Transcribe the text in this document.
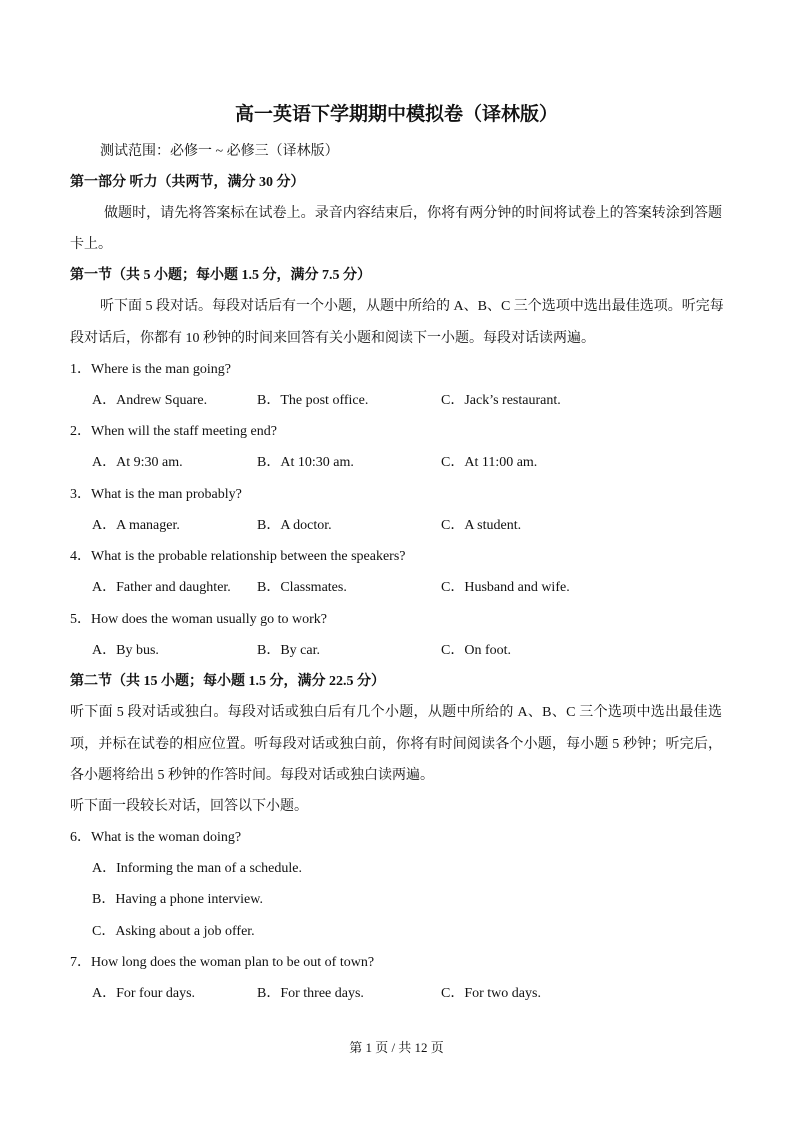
高一英语下学期期中模拟卷（译林版）
测试范围：必修一 ~ 必修三（译林版）
第一部分 听力（共两节，满分 30 分）
做题时，请先将答案标在试卷上。录音内容结束后，你将有两分钟的时间将试卷上的答案转涂到答题
卡上。
第一节（共 5 小题；每小题 1.5 分，满分 7.5 分）
听下面 5 段对话。每段对话后有一个小题，从题中所给的 A、B、C 三个选项中选出最佳选项。听完每
段对话后，你都有 10 秒钟的时间来回答有关小题和阅读下一小题。每段对话读两遍。
1．Where is the man going?
A．Andrew Square.	B．The post office.	C．Jack’s restaurant.
2．When will the staff meeting end?
A．At 9:30 am.	B．At 10:30 am.	C．At 11:00 am.
3．What is the man probably?
A．A manager.	B．A doctor.	C．A student.
4．What is the probable relationship between the speakers?
A．Father and daughter. B．Classmates.	C．Husband and wife.
5．How does the woman usually go to work?
A．By bus.	B．By car.	C．On foot.
第二节（共 15 小题；每小题 1.5 分，满分 22.5 分）
听下面 5 段对话或独白。每段对话或独白后有几个小题，从题中所给的 A、B、C 三个选项中选出最佳选
项，并标在试卷的相应位置。听每段对话或独白前，你将有时间阅读各个小题，每小题 5 秒钟；听完后，
各小题将给出 5 秒钟的作答时间。每段对话或独白读两遍。
听下面一段较长对话，回答以下小题。
6．What is the woman doing?
A．Informing the man of a schedule.
B．Having a phone interview.
C．Asking about a job offer.
7．How long does the woman plan to be out of town?
A．For four days.	B．For three days.	C．For two days.
第 1 页 / 共 12 页
